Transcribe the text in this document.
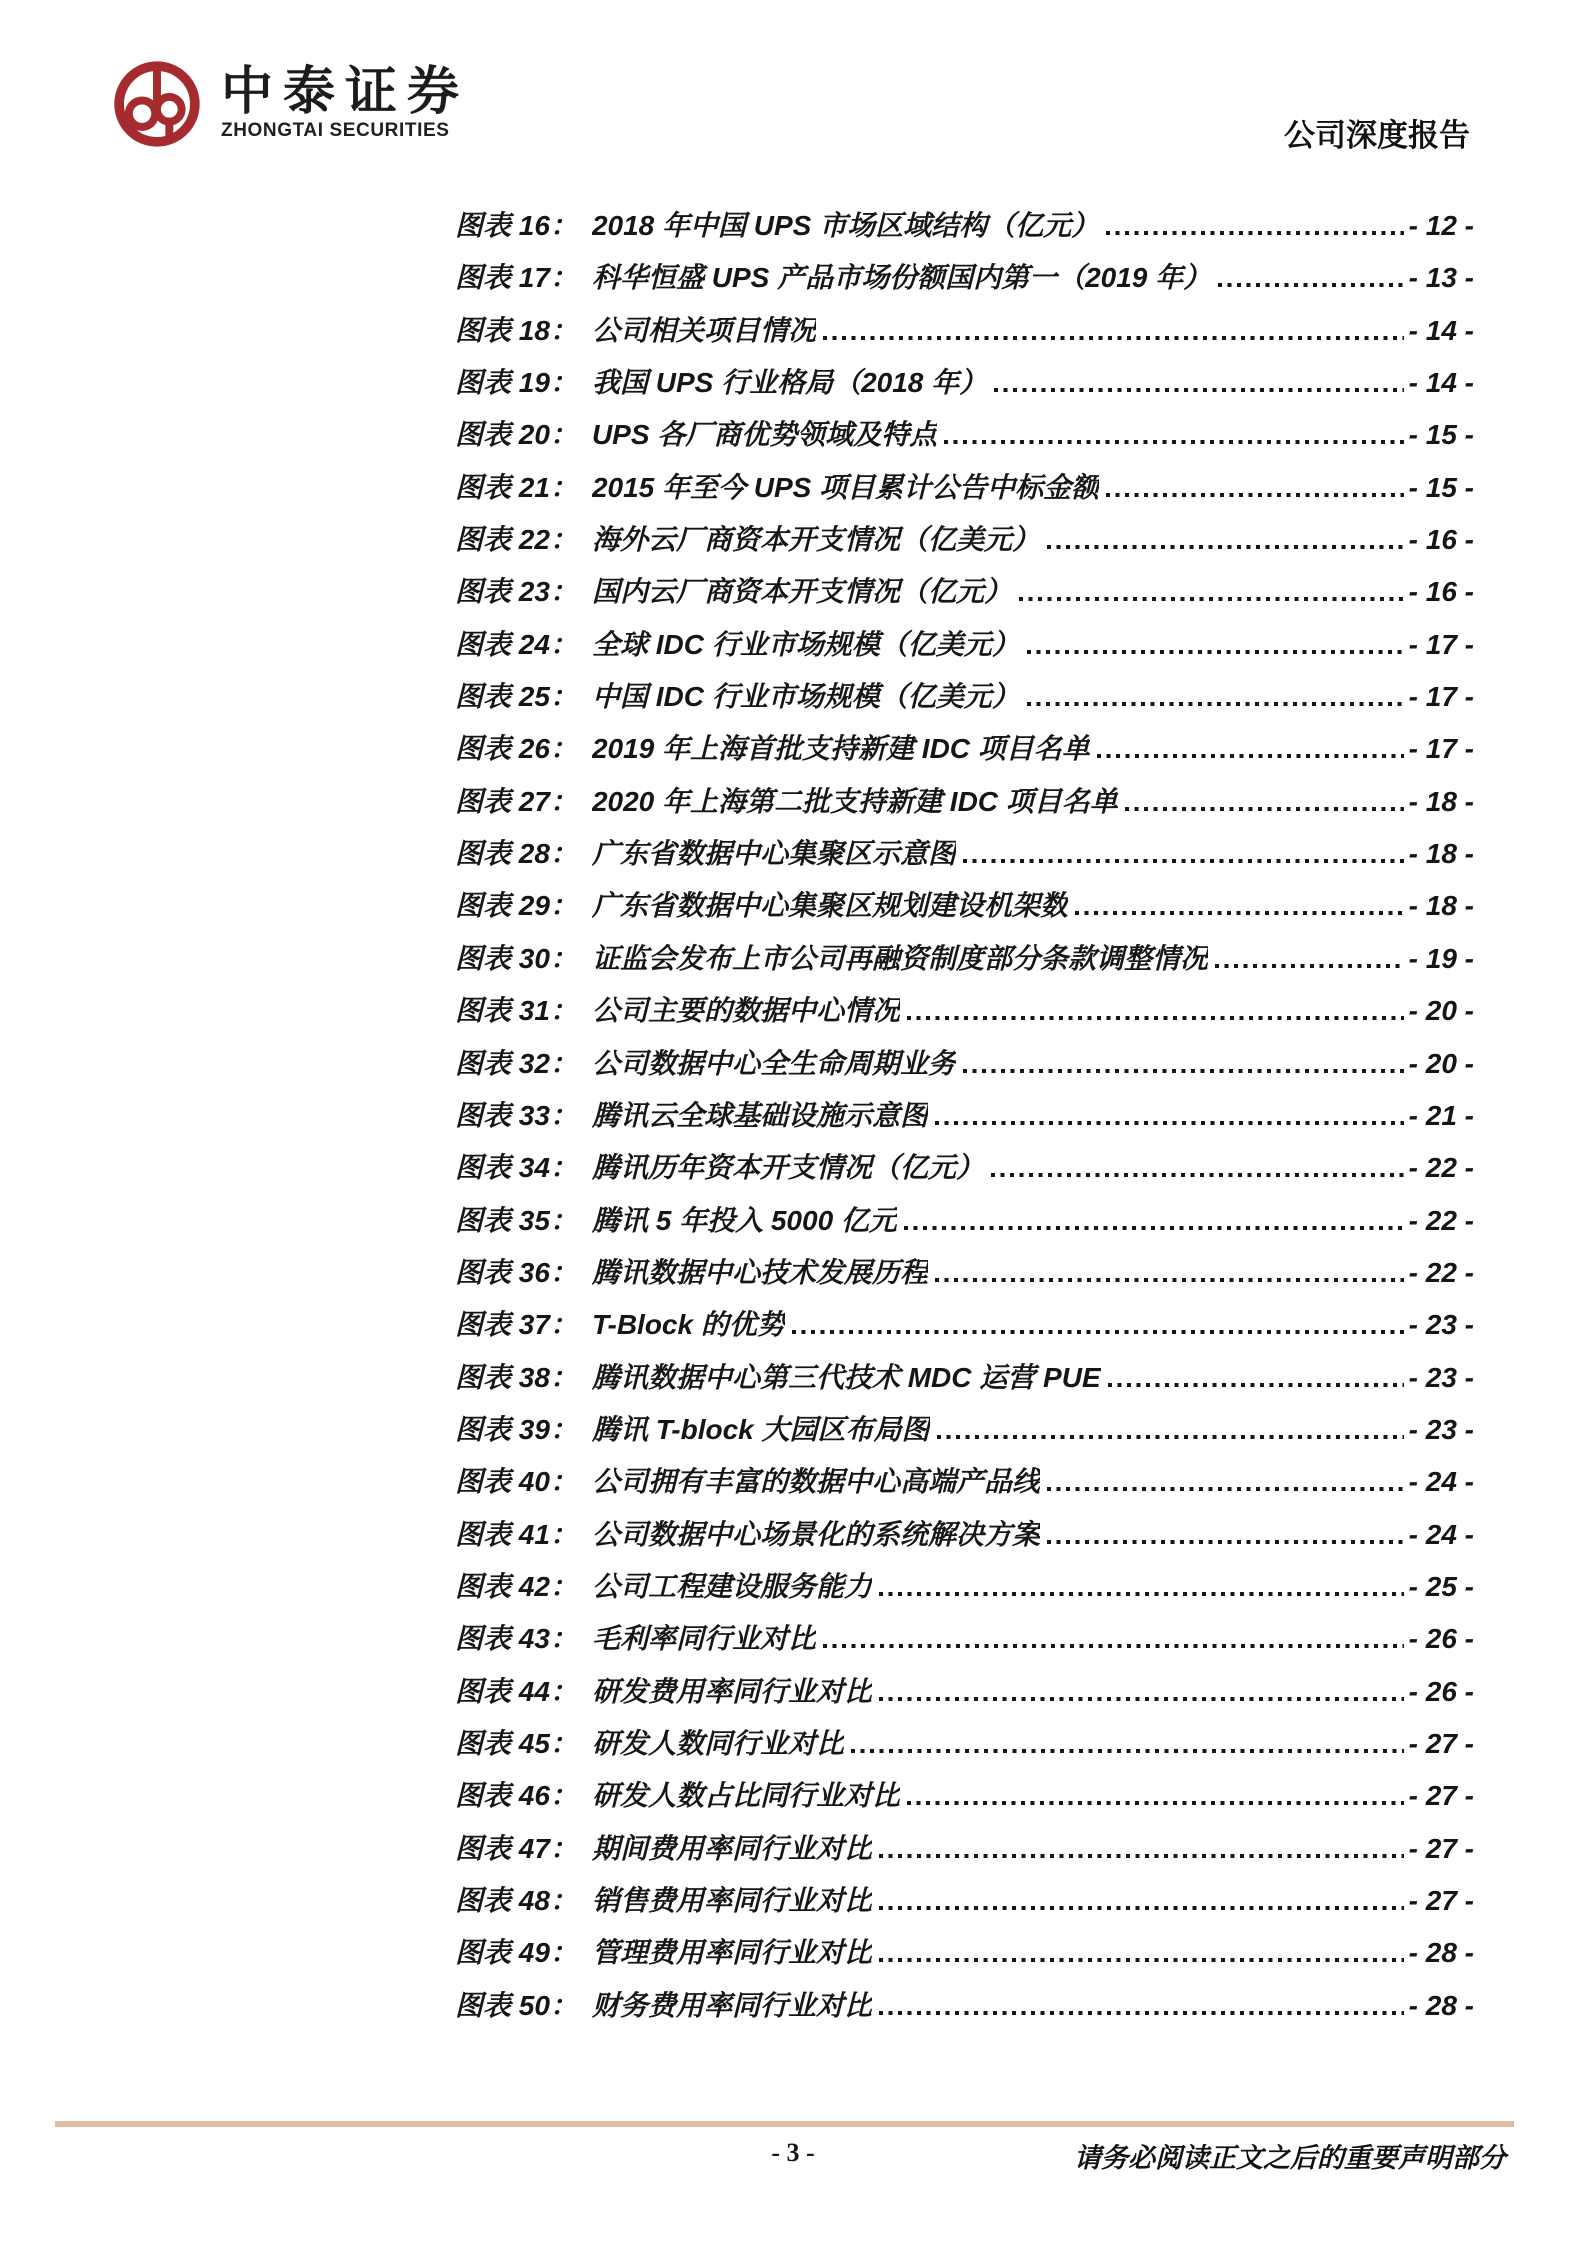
中泰证券
ZHONGTAI SECURITIES	公司深度报告
图表 16： 2018 年中国 UPS 市场区域结构（亿元）	- 12 -
图表 17： 科华恒盛 UPS 产品市场份额国内第一（2019 年）	- 13 -
图表 18： 公司相关项目情况	- 14 -
图表 19： 我国 UPS 行业格局（2018 年）	- 14 -
图表 20： UPS 各厂商优势领域及特点	- 15 -
图表 21： 2015 年至今 UPS 项目累计公告中标金额	- 15 -
图表 22： 海外云厂商资本开支情况（亿美元）	- 16 -
图表 23： 国内云厂商资本开支情况（亿元）	- 16 -
图表 24： 全球 IDC 行业市场规模（亿美元）	- 17 -
图表 25： 中国 IDC 行业市场规模（亿美元）	- 17 -
图表 26： 2019 年上海首批支持新建 IDC 项目名单	- 17 -
图表 27： 2020 年上海第二批支持新建 IDC 项目名单	- 18 -
图表 28： 广东省数据中心集聚区示意图	- 18 -
图表 29： 广东省数据中心集聚区规划建设机架数	- 18 -
图表 30： 证监会发布上市公司再融资制度部分条款调整情况	- 19 -
图表 31： 公司主要的数据中心情况	- 20 -
图表 32： 公司数据中心全生命周期业务	- 20 -
图表 33： 腾讯云全球基础设施示意图	- 21 -
图表 34： 腾讯历年资本开支情况（亿元）	- 22 -
图表 35： 腾讯 5 年投入 5000 亿元	- 22 -
图表 36： 腾讯数据中心技术发展历程	- 22 -
图表 37： T-Block 的优势	- 23 -
图表 38： 腾讯数据中心第三代技术 MDC 运营 PUE	- 23 -
图表 39： 腾讯 T-block 大园区布局图	- 23 -
图表 40： 公司拥有丰富的数据中心高端产品线	- 24 -
图表 41： 公司数据中心场景化的系统解决方案	- 24 -
图表 42： 公司工程建设服务能力	- 25 -
图表 43： 毛利率同行业对比	- 26 -
图表 44： 研发费用率同行业对比	- 26 -
图表 45： 研发人数同行业对比	- 27 -
图表 46： 研发人数占比同行业对比	- 27 -
图表 47： 期间费用率同行业对比	- 27 -
图表 48： 销售费用率同行业对比	- 27 -
图表 49： 管理费用率同行业对比	- 28 -
图表 50： 财务费用率同行业对比	- 28 -
- 3 -	请务必阅读正文之后的重要声明部分
